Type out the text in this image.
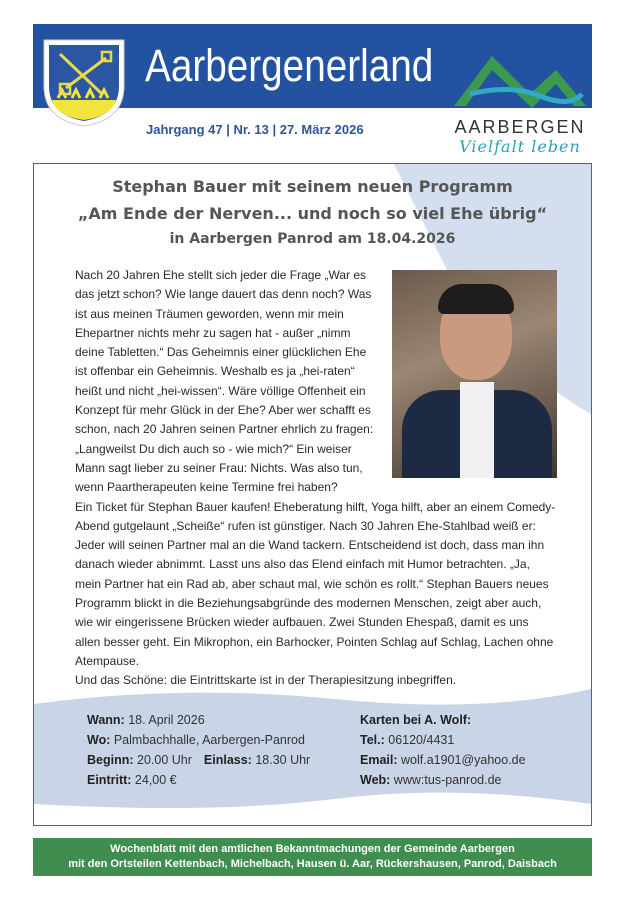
Aarbergenerland
Jahrgang 47 | Nr. 13 | 27. März 2026	AARBERGEN
Vielfalt leben
Stephan Bauer mit seinem neuen Programm
„Am Ende der Nerven... und noch so viel Ehe übrig“
in Aarbergen Panrod am 18.04.2026

Nach 20 Jahren Ehe stellt sich jeder die Frage „War es das jetzt schon? Wie lange dauert das denn noch? Was ist aus meinen Träumen geworden, wenn mir mein Ehepartner nichts mehr zu sagen hat - außer „nimm deine Tabletten.“ Das Geheimnis einer glücklichen Ehe ist offenbar ein Geheimnis. Weshalb es ja „hei-raten“ heißt und nicht „hei-wissen“. Wäre völlige Offenheit ein Konzept für mehr Glück in der Ehe? Aber wer schafft es schon, nach 20 Jahren seinen Partner ehrlich zu fragen: „Langweilst Du dich auch so - wie mich?“ Ein weiser Mann sagt lieber zu seiner Frau: Nichts. Was also tun, wenn Paartherapeuten keine Termine frei haben?

Ein Ticket für Stephan Bauer kaufen! Eheberatung hilft, Yoga hilft, aber an einem Comedy-Abend gutgelaunt „Scheiße“ rufen ist günstiger. Nach 30 Jahren Ehe-Stahlbad weiß er: Jeder will seinen Partner mal an die Wand tackern. Entscheidend ist doch, dass man ihn danach wieder abnimmt. Lasst uns also das Elend einfach mit Humor betrachten. „Ja, mein Partner hat ein Rad ab, aber schaut mal, wie schön es rollt.“ Stephan Bauers neues Programm blickt in die Beziehungsabgründe des modernen Menschen, zeigt aber auch, wie wir eingerissene Brücken wieder aufbauen. Zwei Stunden Ehespaß, damit es uns allen besser geht. Ein Mikrophon, ein Barhocker, Pointen Schlag auf Schlag, Lachen ohne Atempause.
Und das Schöne: die Eintrittskarte ist in der Therapiesitzung inbegriffen.
Wann: 18. April 2026
Wo: Palmbachhalle, Aarbergen-Panrod
Beginn: 20.00 Uhr Einlass: 18.30 Uhr
Eintritt: 24,00 €
Karten bei A. Wolf:
Tel.: 06120/4431
Email: wolf.a1901@yahoo.de
Web: www:tus-panrod.de
Wochenblatt mit den amtlichen Bekanntmachungen der Gemeinde Aarbergen
mit den Ortsteilen Kettenbach, Michelbach, Hausen ü. Aar, Rückershausen, Panrod, Daisbach
